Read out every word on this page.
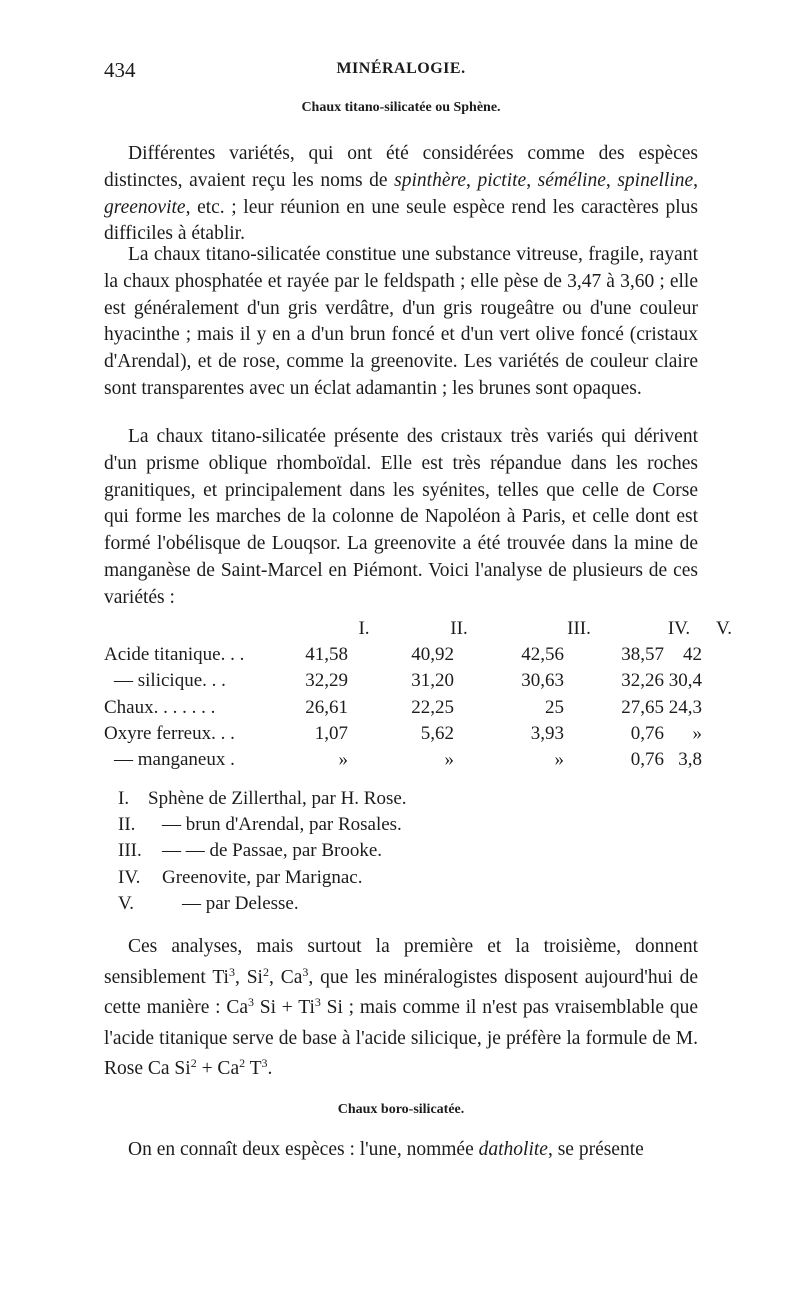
434	MINÉRALOGIE.
Chaux titano-silicatée ou Sphène.

Différentes variétés, qui ont été considérées comme des espèces distinctes, avaient reçu les noms de spinthère, pictite, séméline, spinelline, greenovite, etc. ; leur réunion en une seule espèce rend les caractères plus difficiles à établir.

La chaux titano-silicatée constitue une substance vitreuse, fragile, rayant la chaux phosphatée et rayée par le feldspath ; elle pèse de 3,47 à 3,60 ; elle est généralement d'un gris verdâtre, d'un gris rougeâtre ou d'une couleur hyacinthe ; mais il y en a d'un brun foncé et d'un vert olive foncé (cristaux d'Arendal), et de rose, comme la greenovite. Les variétés de couleur claire sont transparentes avec un éclat adamantin ; les brunes sont opaques.

La chaux titano-silicatée présente des cristaux très variés qui dérivent d'un prisme oblique rhomboïdal. Elle est très répandue dans les roches granitiques, et principalement dans les syénites, telles que celle de Corse qui forme les marches de la colonne de Napoléon à Paris, et celle dont est formé l'obélisque de Louqsor. La greenovite a été trouvée dans la mine de manganèse de Saint-Marcel en Piémont. Voici l'analyse de plusieurs de ces variétés :

I.	II.	III.	IV.	V.
Acide titanique. . .	41,58	40,92	42,56	38,57 42
— silicique. . .	32,29	31,20	30,63	32,26 30,4
Chaux. . . . . . .	26,61	22,25	25	27,65 24,3
Oxyre ferreux. . .	1,07	5,62	3,93	0,76 »
— manganeux .	»	»	»	0,76 3,8
I. Sphène de Zillerthal, par H. Rose.
II. — brun d'Arendal, par Rosales.
III. — — de Passae, par Brooke.
IV. Greenovite, par Marignac.
V.	— par Delesse.

Ces analyses, mais surtout la première et la troisième, donnent sensiblement Ti$^3$, Si$^2$, Ca$^3$, que les minéralogistes disposent aujourd'hui de cette manière : Ca$^3$ $Si + Ti^3$ Si ; mais comme il n'est pas vraisemblable que l'acide titanique serve de base à l'acide silicique, je préfère la formule de M. Rose Ca $Si^2 + Ca^2$ $T^3$.

Chaux boro-silicatée.

On en connaît deux espèces : l'une, nommée datholite, se présente
